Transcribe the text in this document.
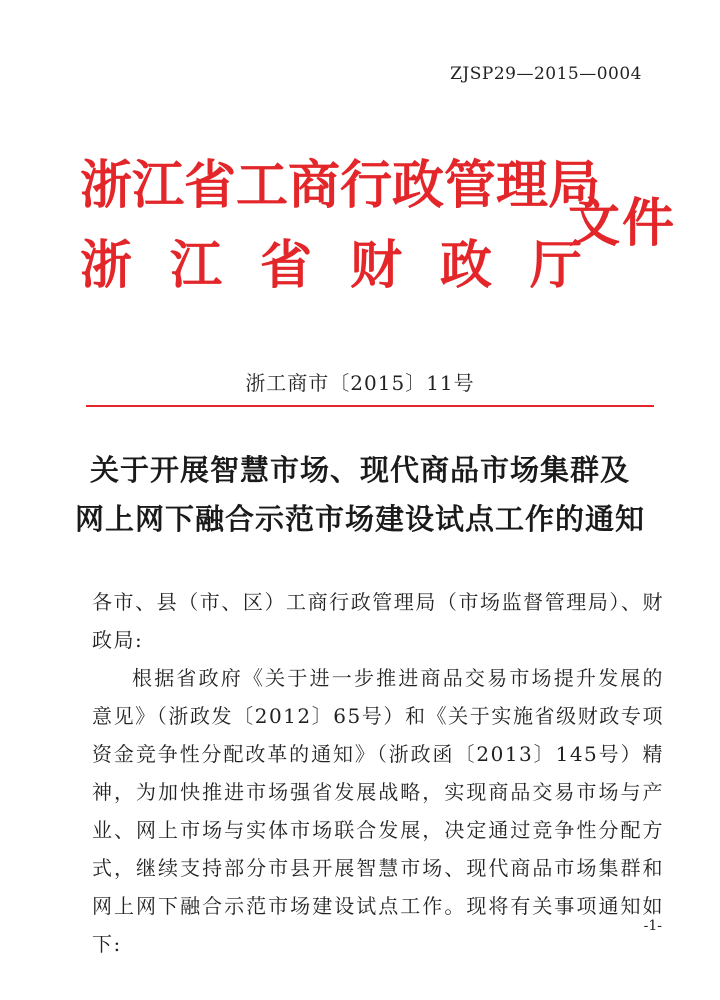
ZJSP29—2015—0004
浙江省工商行政管理局
浙江省财政厅
文件
浙工商市〔2015〕11号
关于开展智慧市场、现代商品市场集群及
网上网下融合示范市场建设试点工作的通知

各市、县（市、区）工商行政管理局（市场监督管理局）、财政局:

根据省政府《关于进一步推进商品交易市场提升发展的意见》（浙政发〔2012〕65号）和《关于实施省级财政专项资金竞争性分配改革的通知》（浙政函〔2013〕145号）精神，为加快推进市场强省发展战略，实现商品交易市场与产业、网上市场与实体市场联合发展，决定通过竞争性分配方式，继续支持部分市县开展智慧市场、现代商品市场集群和网上网下融合示范市场建设试点工作。现将有关事项通知如下:

-1-
